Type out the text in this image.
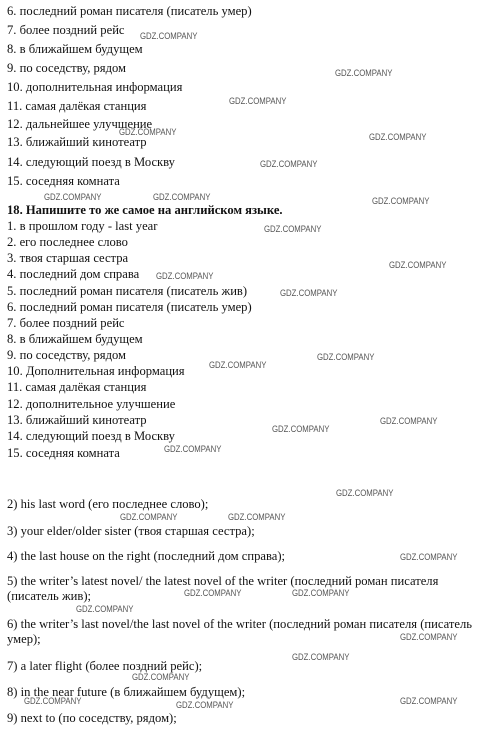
6. последний роман писателя (писатель умер)
7. более поздний рейс
8. в ближайшем будущем
9. по соседству, рядом
10. дополнительная информация
11. самая далёкая станция
12. дальнейшее улучшение
13. ближайший кинотеатр
14. следующий поезд в Москву
15. соседняя комната
18. Напишите то же самое на английском языке.
1. в прошлом году - last year
2. его последнее слово
3. твоя старшая сестра
4. последний дом справа
5. последний роман писателя (писатель жив)
6. последний роман писателя (писатель умер)
7. более поздний рейс
8. в ближайшем будущем
9. по соседству, рядом
10. Дополнительная информация
11. самая далёкая станция
12. дополнительное улучшение
13. ближайший кинотеатр
14. следующий поезд в Москву
15. соседняя комната
2) his last word (его последнее слово);
3) your elder/older sister (твоя старшая сестра);
4) the last house on the right (последний дом справа);
5) the writer’s latest novel/ the latest novel of the writer (последний роман писателя (писатель жив);
6) the writer’s last novel/the last novel of the writer (последний роман писателя (писатель умер);
7) a later flight (более поздний рейс);
8) in the near future (в ближайшем будущем);
9) next to (по соседству, рядом);
GDZ.COMPANY
GDZ.COMPANY
GDZ.COMPANY
GDZ.COMPANY	GDZ.COMPANY
GDZ.COMPANY
GDZ.COMPANY	GDZ.COMPANY	GDZ.COMPANY
GDZ.COMPANY
GDZ.COMPANY
GDZ.COMPANY
GDZ.COMPANY
GDZ.COMPANY
GDZ.COMPANY
GDZ.COMPANY
GDZ.COMPANY
GDZ.COMPANY
GDZ.COMPANY
GDZ.COMPANY	GDZ.COMPANY
GDZ.COMPANY
GDZ.COMPANY	GDZ.COMPANY
GDZ.COMPANY
GDZ.COMPANY
GDZ.COMPANY
GDZ.COMPANY
GDZ.COMPANY	GDZ.COMPANY
GDZ.COMPANY
